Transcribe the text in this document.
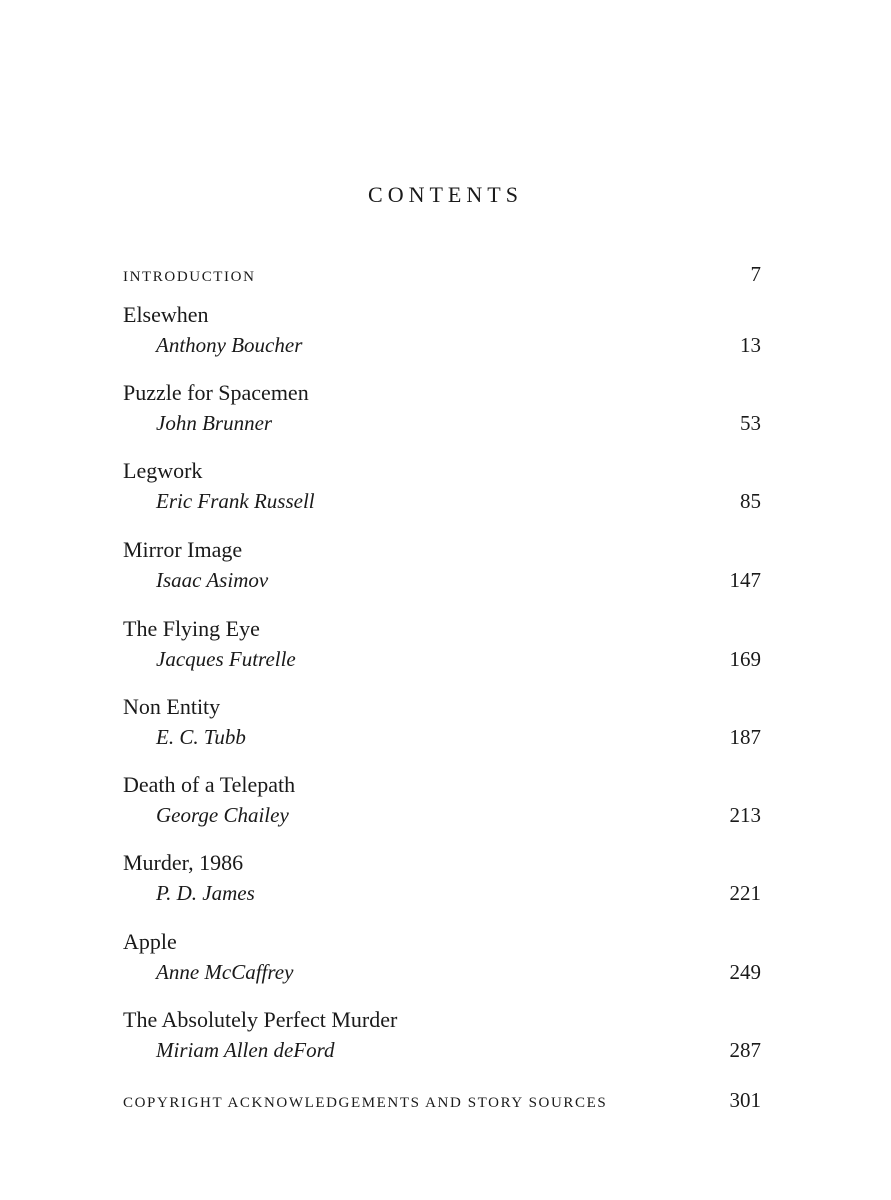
CONTENTS
INTRODUCTION	7
Elsewhen
Anthony Boucher	13
Puzzle for Spacemen
John Brunner	53
Legwork
Eric Frank Russell	85
Mirror Image
Isaac Asimov	147
The Flying Eye
Jacques Futrelle	169
Non Entity
E. C. Tubb	187
Death of a Telepath
George Chailey	213
Murder, 1986
P. D. James	221
Apple
Anne McCaffrey	249
The Absolutely Perfect Murder
Miriam Allen deFord	287
COPYRIGHT ACKNOWLEDGEMENTS AND STORY SOURCES	301
